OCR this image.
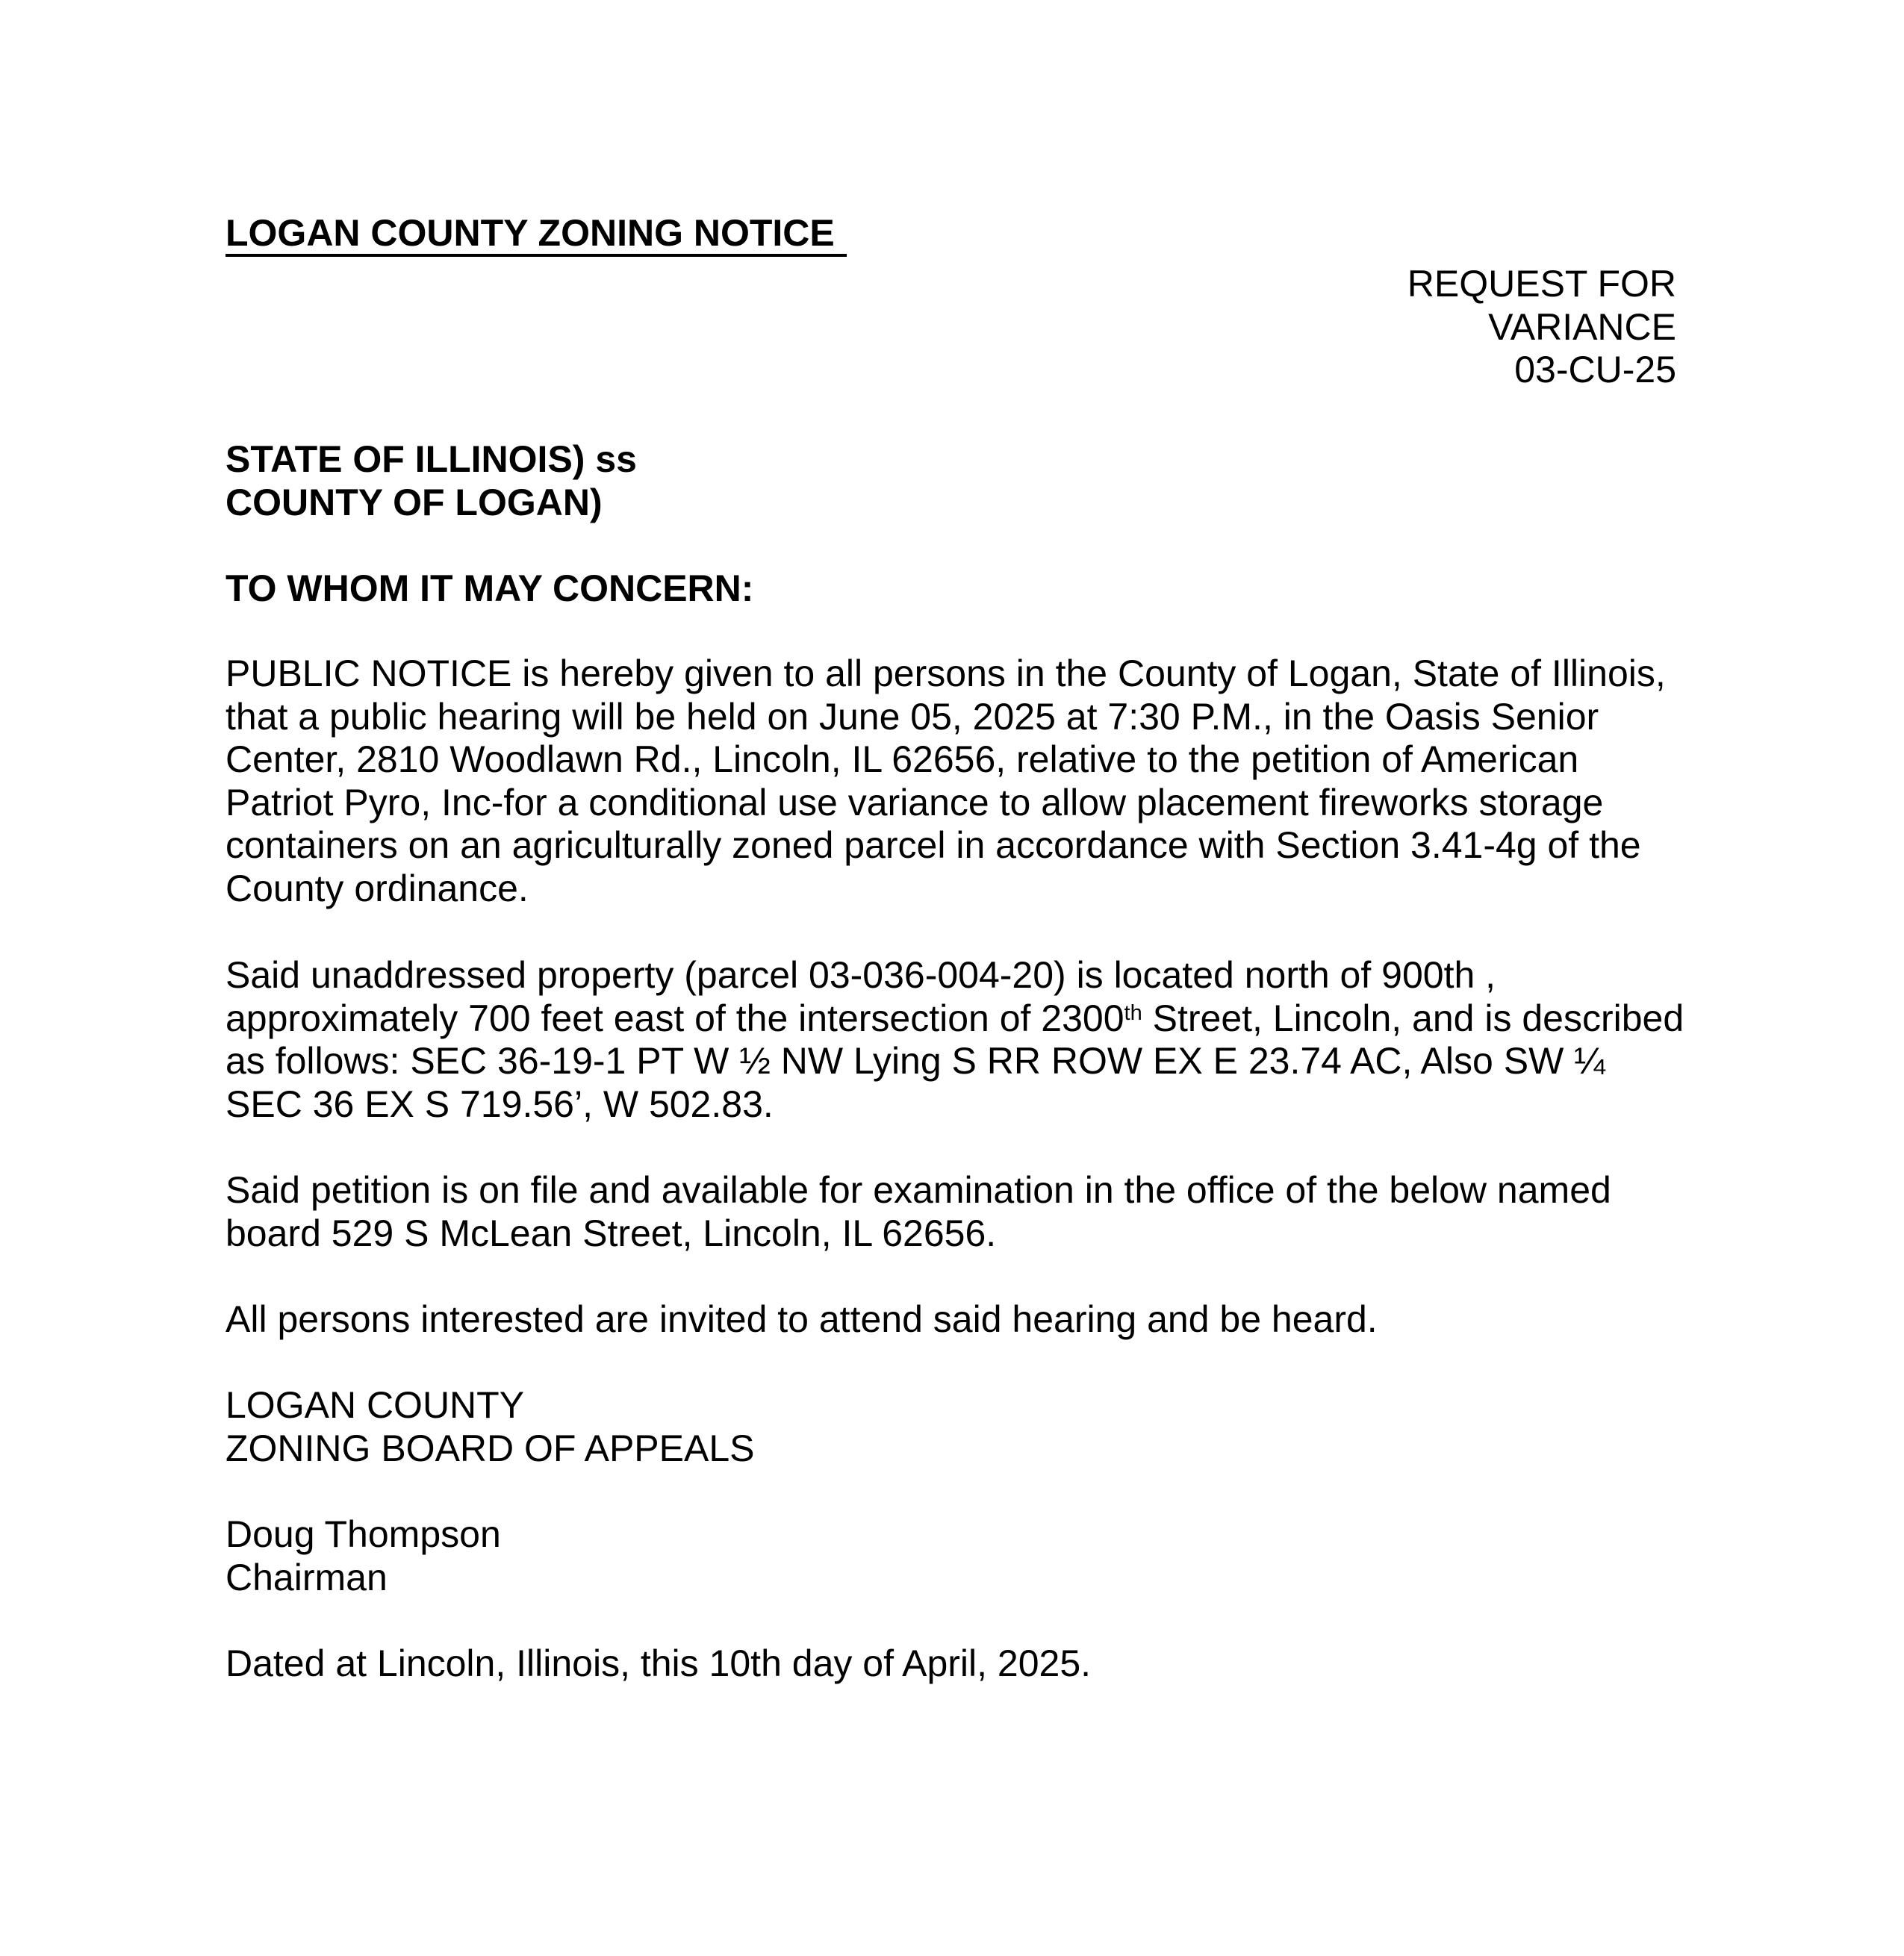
LOGAN COUNTY ZONING NOTICE
REQUEST FOR
VARIANCE
03-CU-25
STATE OF ILLINOIS) ss
COUNTY OF LOGAN)
TO WHOM IT MAY CONCERN:
PUBLIC NOTICE is hereby given to all persons in the County of Logan, State of Illinois,
that a public hearing will be held on June 05, 2025 at 7:30 P.M., in the Oasis Senior
Center, 2810 Woodlawn Rd., Lincoln, IL 62656, relative to the petition of American
Patriot Pyro, Inc-for a conditional use variance to allow placement fireworks storage
containers on an agriculturally zoned parcel in accordance with Section 3.41-4g of the
County ordinance.
Said unaddressed property (parcel 03-036-004-20) is located north of 900th ,
approximately 700 feet east of the intersection of 2300th Street, Lincoln, and is described
as follows: SEC 36-19-1 PT W ½ NW Lying S RR ROW EX E 23.74 AC, Also SW ¼
SEC 36 EX S 719.56’, W 502.83.
Said petition is on file and available for examination in the office of the below named
board 529 S McLean Street, Lincoln, IL 62656.
All persons interested are invited to attend said hearing and be heard.
LOGAN COUNTY
ZONING BOARD OF APPEALS
Doug Thompson
Chairman
Dated at Lincoln, Illinois, this 10th day of April, 2025.
